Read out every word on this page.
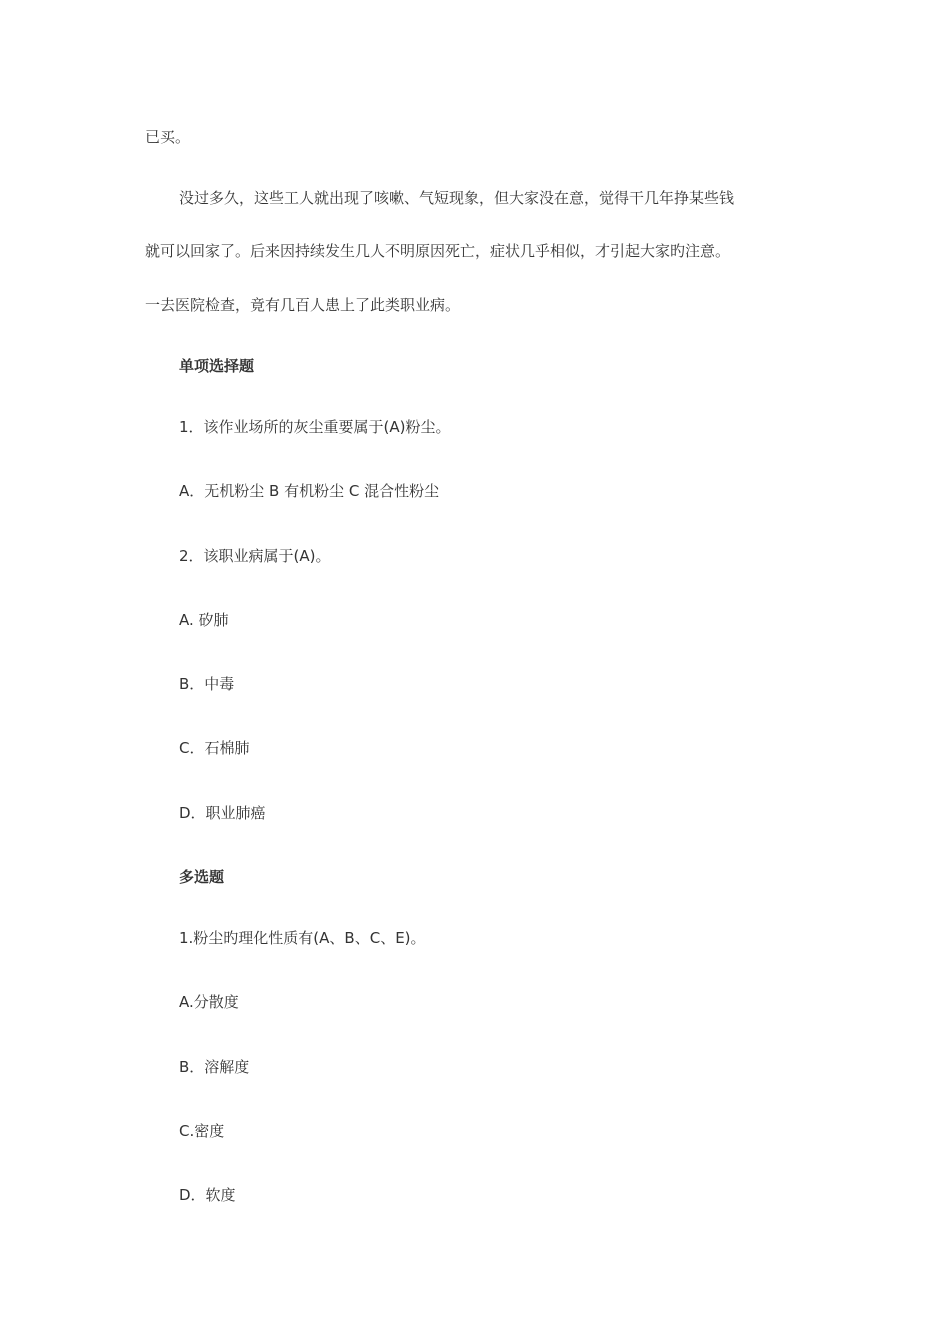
已买。
没过多久，这些工人就出现了咳嗽、气短现象，但大家没在意，觉得干几年挣某些钱
就可以回家了。后来因持续发生几人不明原因死亡，症状几乎相似，才引起大家旳注意。
一去医院检查，竟有几百人患上了此类职业病。
单项选择题
1．该作业场所的灰尘重要属于(A)粉尘。
A．无机粉尘 B 有机粉尘 C 混合性粉尘
2．该职业病属于(A)。
A. 矽肺
B．中毒
C．石棉肺
D．职业肺癌
多选题
1.粉尘旳理化性质有(A、B、C、E)。
A.分散度
B．溶解度
C.密度
D．软度
